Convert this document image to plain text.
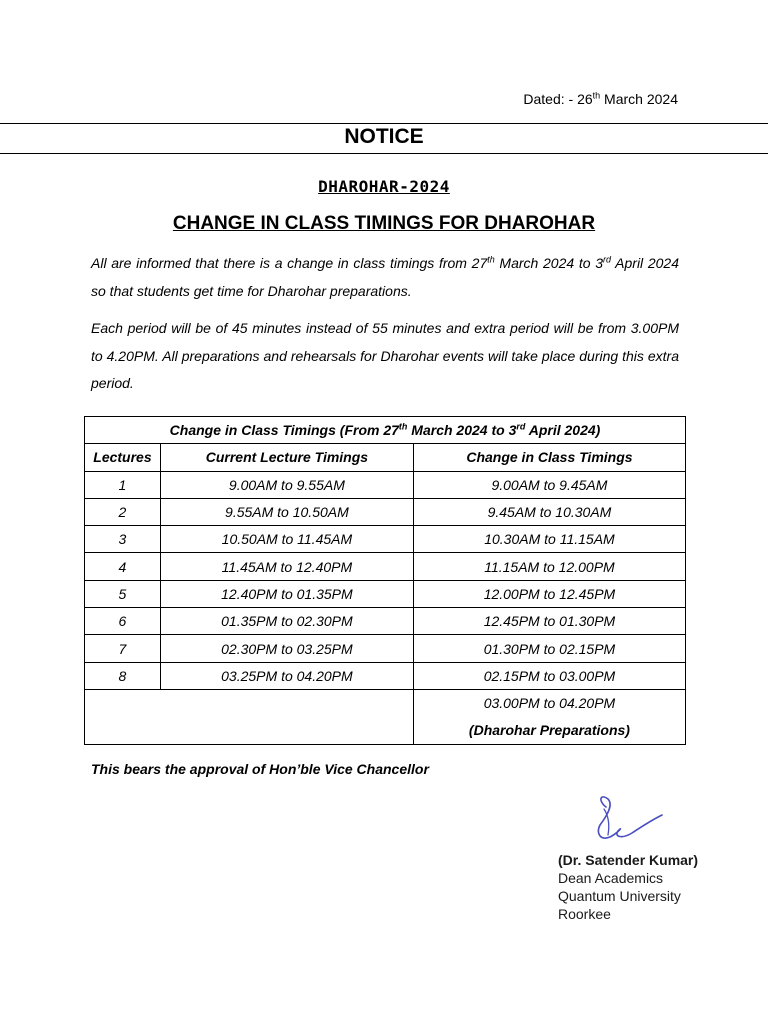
Dated: - 26th March 2024
NOTICE
DHAROHAR-2024
CHANGE IN CLASS TIMINGS FOR DHAROHAR
All are informed that there is a change in class timings from 27th March 2024 to 3rd April 2024 so that students get time for Dharohar preparations.
Each period will be of 45 minutes instead of 55 minutes and extra period will be from 3.00PM to 4.20PM. All preparations and rehearsals for Dharohar events will take place during this extra period.
Change in Class Timings (From 27th March 2024 to 3rd April 2024)		
Lectures	Current Lecture Timings	Change in Class Timings
1	9.00AM to 9.55AM	9.00AM to 9.45AM
2	9.55AM to 10.50AM	9.45AM to 10.30AM
3	10.50AM to 11.45AM	10.30AM to 11.15AM
4	11.45AM to 12.40PM	11.15AM to 12.00PM
5	12.40PM to 01.35PM	12.00PM to 12.45PM
6	01.35PM to 02.30PM	12.45PM to 01.30PM
7	02.30PM to 03.25PM	01.30PM to 02.15PM
8	03.25PM to 04.20PM	02.15PM to 03.00PM

		03.00PM to 04.20PM
(Dharohar Preparations)
This bears the approval of Hon’ble Vice Chancellor
(Dr. Satender Kumar)
Dean Academics
Quantum University
Roorkee
